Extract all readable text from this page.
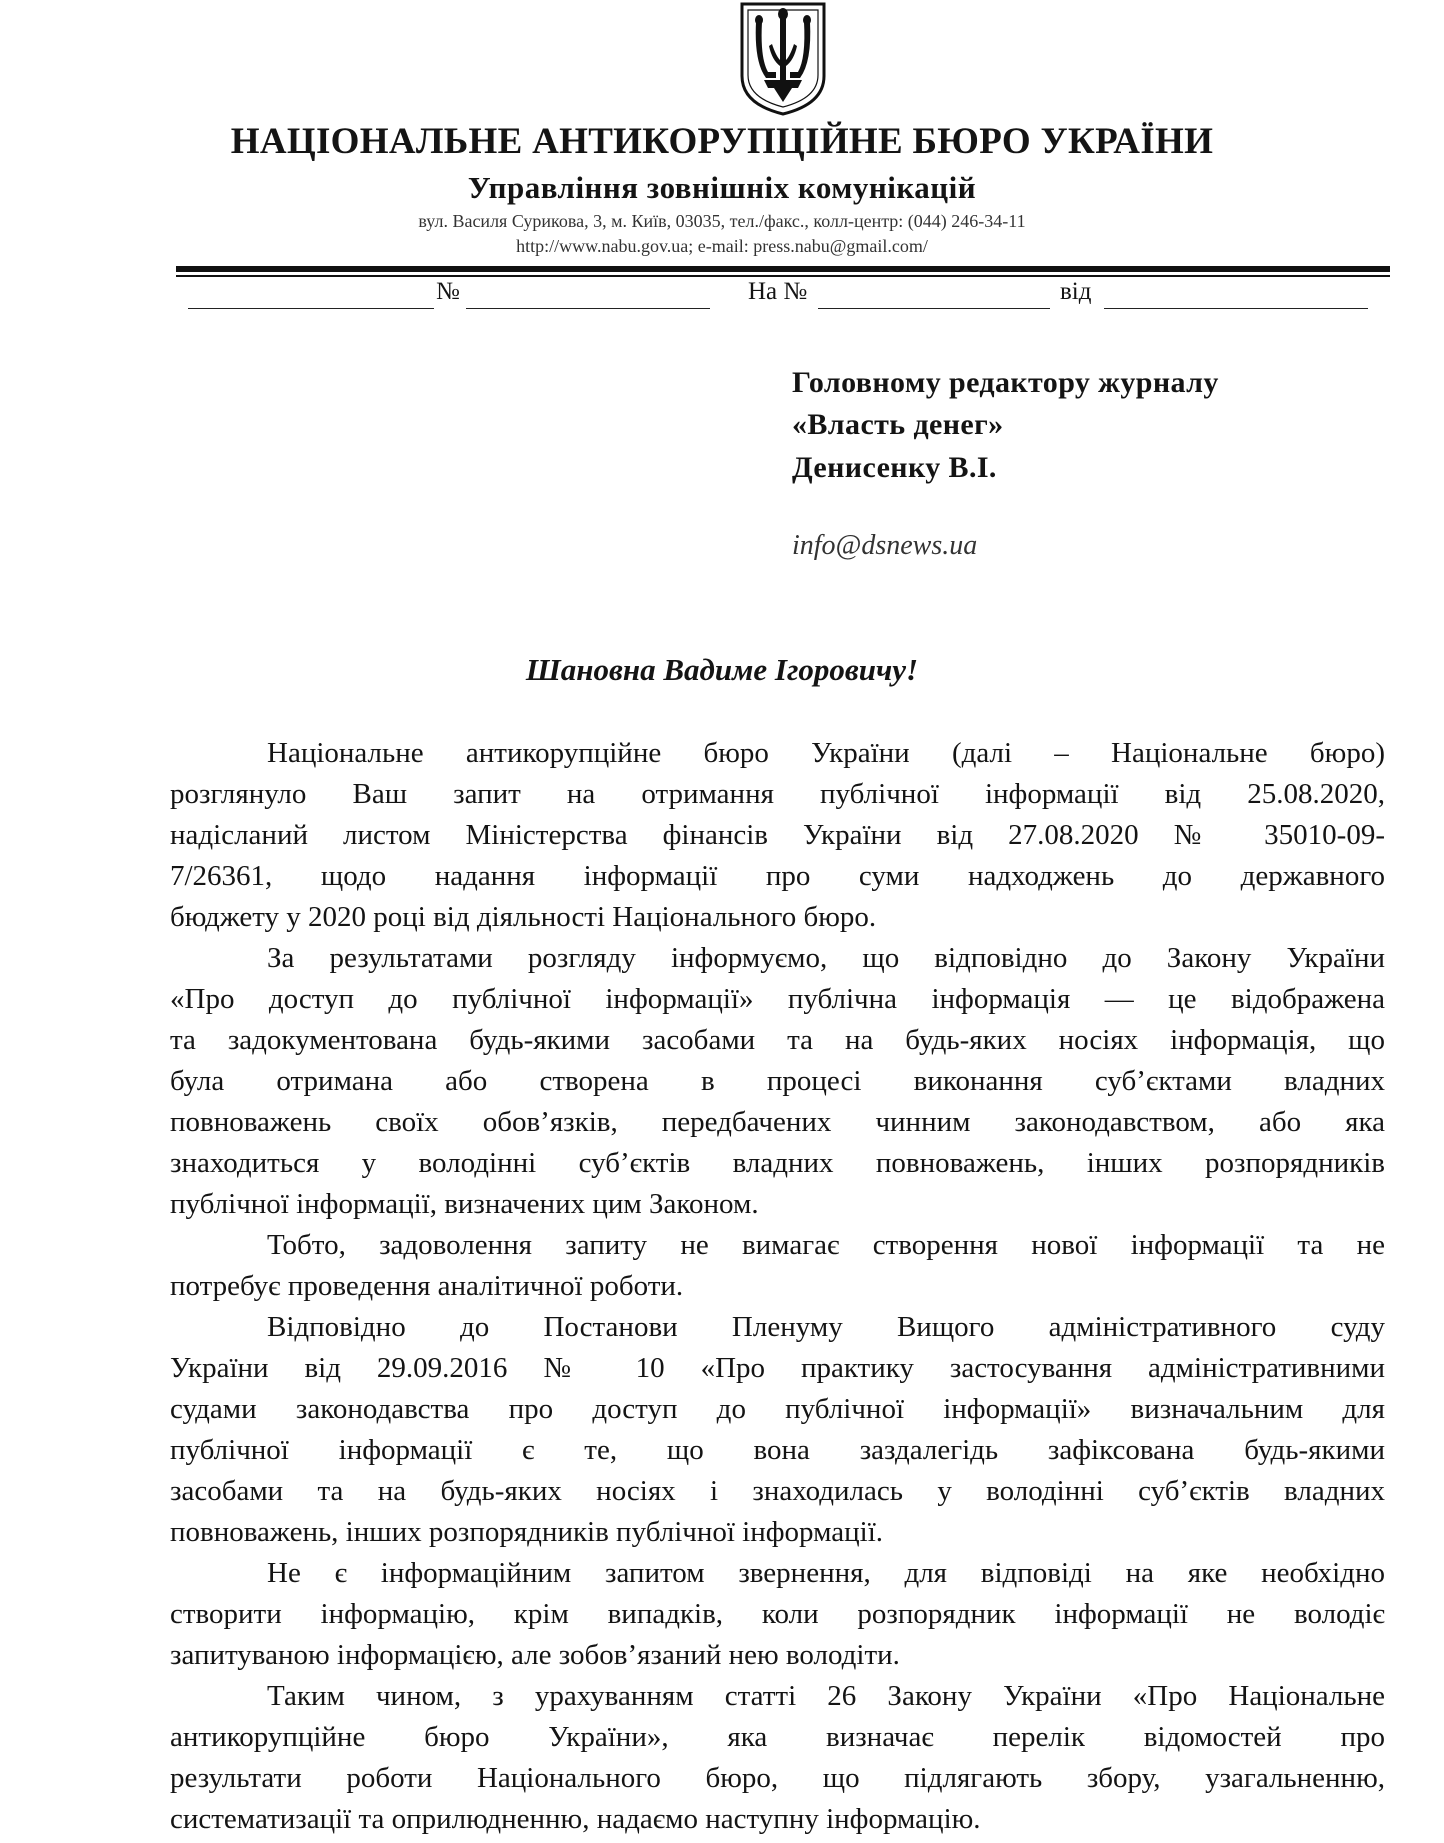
НАЦІОНАЛЬНЕ АНТИКОРУПЦІЙНЕ БЮРО УКРАЇНИ
Управління зовнішніх комунікацій
вул. Василя Сурикова, 3, м. Київ, 03035, тел./факс., колл-центр: (044) 246-34-11
http://www.nabu.gov.ua; e-mail: press.nabu@gmail.com/
№	На №	від
Головному редактору журналу
«Власть денег»
Денисенку В.І.
info@dsnews.ua
Шановна Вадиме Ігоровичу!
Національне антикорупційне бюро України (далі – Національне бюро)
розглянуло Ваш запит на отримання публічної інформації від 25.08.2020,
надісланий листом Міністерства фінансів України від 27.08.2020 № 35010-09-
7/26361, щодо надання інформації про суми надходжень до державного
бюджету у 2020 році від діяльності Національного бюро.
За результатами розгляду інформуємо, що відповідно до Закону України
«Про доступ до публічної інформації» публічна інформація — це відображена
та задокументована будь-якими засобами та на будь-яких носіях інформація, що
була отримана або створена в процесі виконання суб’єктами владних
повноважень своїх обов’язків, передбачених чинним законодавством, або яка
знаходиться у володінні суб’єктів владних повноважень, інших розпорядників
публічної інформації, визначених цим Законом.
Тобто, задоволення запиту не вимагає створення нової інформації та не
потребує проведення аналітичної роботи.
Відповідно до Постанови Пленуму Вищого адміністративного суду
України від 29.09.2016 № 10 «Про практику застосування адміністративними
судами законодавства про доступ до публічної інформації» визначальним для
публічної інформації є те, що вона заздалегідь зафіксована будь-якими
засобами та на будь-яких носіях і знаходилась у володінні суб’єктів владних
повноважень, інших розпорядників публічної інформації.
Не є інформаційним запитом звернення, для відповіді на яке необхідно
створити інформацію, крім випадків, коли розпорядник інформації не володіє
запитуваною інформацією, але зобов’язаний нею володіти.
Таким чином, з урахуванням статті 26 Закону України «Про Національне
антикорупційне бюро України», яка визначає перелік відомостей про
результати роботи Національного бюро, що підлягають збору, узагальненню,
систематизації та оприлюдненню, надаємо наступну інформацію.
